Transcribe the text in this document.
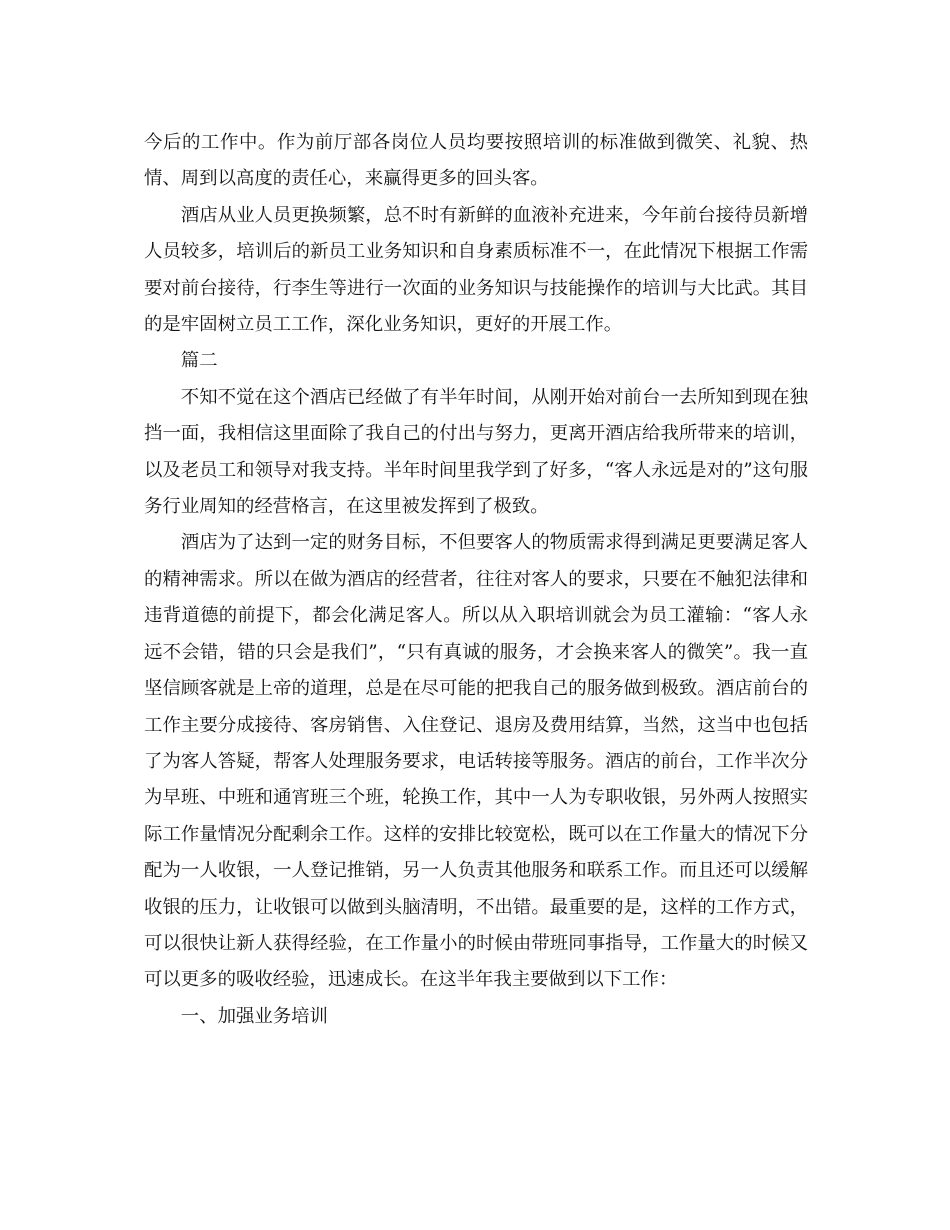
今后的工作中。作为前厅部各岗位人员均要按照培训的标准做到微笑、礼貌、热情、周到以高度的责任心，来赢得更多的回头客。

酒店从业人员更换频繁，总不时有新鲜的血液补充进来，今年前台接待员新增人员较多，培训后的新员工业务知识和自身素质标准不一，在此情况下根据工作需要对前台接待，行李生等进行一次面的业务知识与技能操作的培训与大比武。其目的是牢固树立员工工作，深化业务知识，更好的开展工作。

篇二

不知不觉在这个酒店已经做了有半年时间，从刚开始对前台一去所知到现在独挡一面，我相信这里面除了我自己的付出与努力，更离开酒店给我所带来的培训，以及老员工和领导对我支持。半年时间里我学到了好多，“客人永远是对的”这句服务行业周知的经营格言，在这里被发挥到了极致。

酒店为了达到一定的财务目标，不但要客人的物质需求得到满足更要满足客人的精神需求。所以在做为酒店的经营者，往往对客人的要求，只要在不触犯法律和违背道德的前提下，都会化满足客人。所以从入职培训就会为员工灌输：“客人永远不会错，错的只会是我们”，“只有真诚的服务，才会换来客人的微笑”。我一直坚信顾客就是上帝的道理，总是在尽可能的把我自己的服务做到极致。酒店前台的工作主要分成接待、客房销售、入住登记、退房及费用结算，当然，这当中也包括了为客人答疑，帮客人处理服务要求，电话转接等服务。酒店的前台，工作半次分为早班、中班和通宵班三个班，轮换工作，其中一人为专职收银，另外两人按照实际工作量情况分配剩余工作。这样的安排比较宽松，既可以在工作量大的情况下分配为一人收银，一人登记推销，另一人负责其他服务和联系工作。而且还可以缓解收银的压力，让收银可以做到头脑清明，不出错。最重要的是，这样的工作方式，可以很快让新人获得经验，在工作量小的时候由带班同事指导，工作量大的时候又可以更多的吸收经验，迅速成长。在这半年我主要做到以下工作：

一、加强业务培训
